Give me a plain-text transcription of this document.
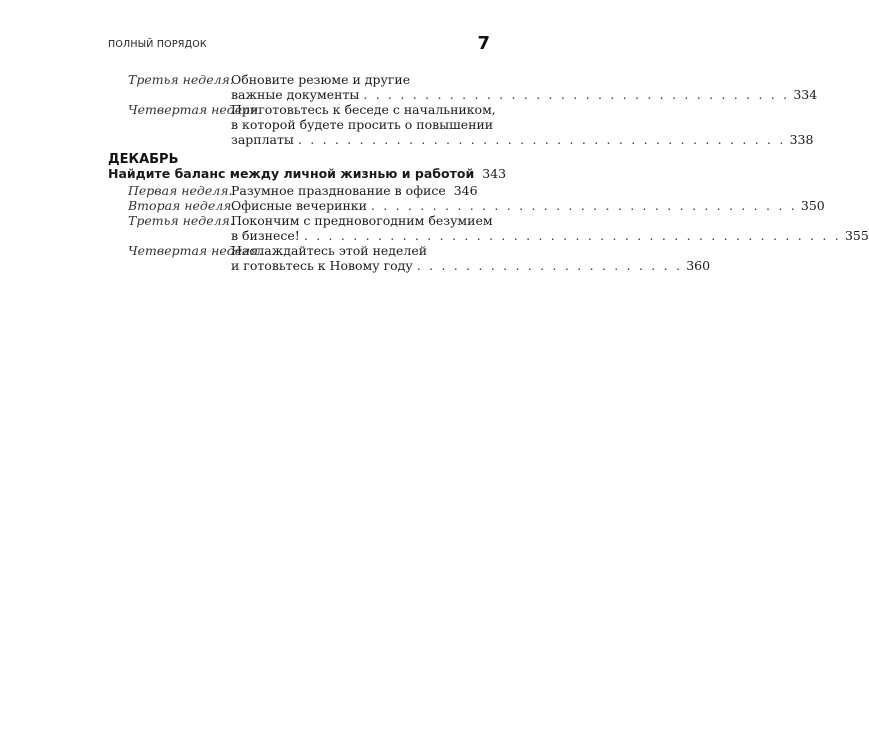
ПОЛНЫЙ ПОРЯДОК	7
Третья неделя.
Обновите резюме и другие
важные документы . . . . . . . . . . . . . . . . . . . . . . . . . . . . . . . . . . . 334
Четвертая неделя.
Приготовьтесь к беседе с начальником,
в которой будете просить о повышении
зарплаты . . . . . . . . . . . . . . . . . . . . . . . . . . . . . . . . . . . . . . . . 338
ДЕКАБРЬ
Найдите баланс между личной жизнью и работой 343
Первая неделя.
Разумное празднование в офисе 346
Вторая неделя.
Офисные вечеринки . . . . . . . . . . . . . . . . . . . . . . . . . . . . . . . . . . . 350
Третья неделя.
Покончим с предновогодним безумием
в бизнесе! . . . . . . . . . . . . . . . . . . . . . . . . . . . . . . . . . . . . . . . . . . . . 355
Четвертая неделя.
Наслаждайтесь этой неделей
и готовьтесь к Новому году . . . . . . . . . . . . . . . . . . . . . . 360
